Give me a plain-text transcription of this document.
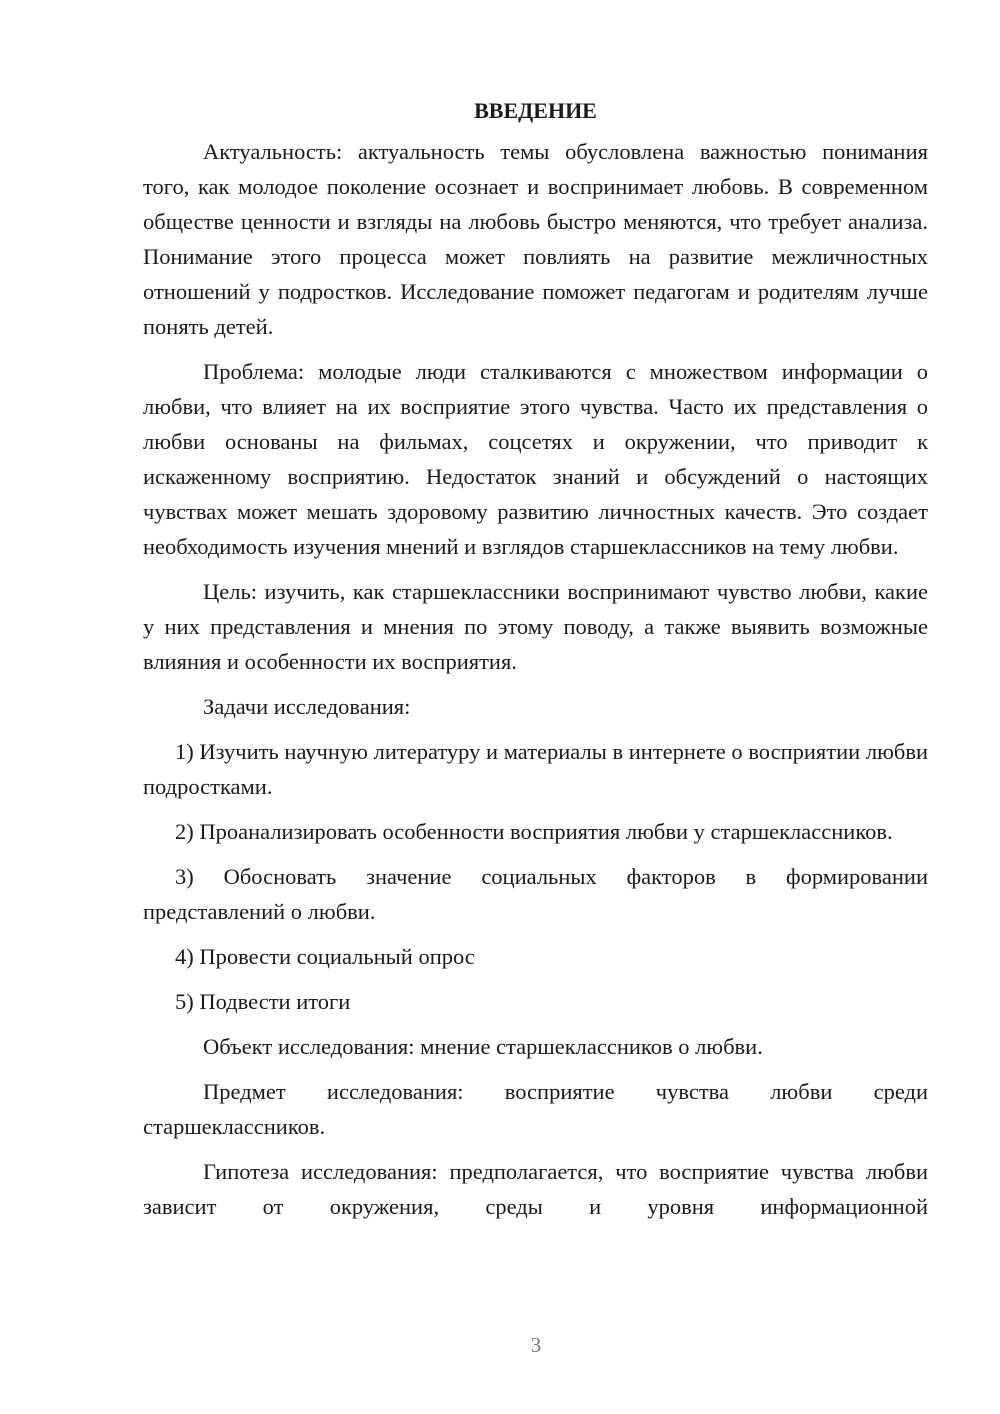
ВВЕДЕНИЕ
Актуальность: актуальность темы обусловлена важностью понимания того, как молодое поколение осознает и воспринимает любовь. В современном обществе ценности и взгляды на любовь быстро меняются, что требует анализа. Понимание этого процесса может повлиять на развитие межличностных отношений у подростков. Исследование поможет педагогам и родителям лучше понять детей.
Проблема: молодые люди сталкиваются с множеством информации о любви, что влияет на их восприятие этого чувства. Часто их представления о любви основаны на фильмах, соцсетях и окружении, что приводит к искаженному восприятию. Недостаток знаний и обсуждений о настоящих чувствах может мешать здоровому развитию личностных качеств. Это создает необходимость изучения мнений и взглядов старшеклассников на тему любви.
Цель: изучить, как старшеклассники воспринимают чувство любви, какие у них представления и мнения по этому поводу, а также выявить возможные влияния и особенности их восприятия.
Задачи исследования:
1) Изучить научную литературу и материалы в интернете о восприятии любви подростками.
2) Проанализировать особенности восприятия любви у старшеклассников.
3) Обосновать значение социальных факторов в формировании представлений о любви.
4) Провести социальный опрос
5) Подвести итоги
Объект исследования: мнение старшеклассников о любви.
Предмет исследования: восприятие чувства любви среди старшеклассников.
Гипотеза исследования: предполагается, что восприятие чувства любви зависит от окружения, среды и уровня информационной
3
